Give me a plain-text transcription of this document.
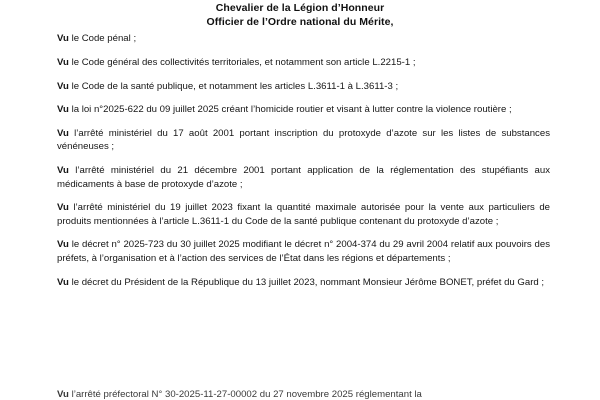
Chevalier de la Légion d’Honneur
Officier de l’Ordre national du Mérite,

Vu le Code pénal ;

Vu le Code général des collectivités territoriales, et notamment son article L.2215-1 ;

Vu le Code de la santé publique, et notamment les articles L.3611-1 à L.3611-3 ;

Vu la loi n°2025-622 du 09 juillet 2025 créant l’homicide routier et visant à lutter contre la violence routière ;

Vu l’arrêté ministériel du 17 août 2001 portant inscription du protoxyde d’azote sur les listes de substances vénéneuses ;

Vu l’arrêté ministériel du 21 décembre 2001 portant application de la réglementation des stupéfiants aux médicaments à base de protoxyde d’azote ;

Vu l’arrêté ministériel du 19 juillet 2023 fixant la quantité maximale autorisée pour la vente aux particuliers de produits mentionnées à l’article L.3611-1 du Code de la santé publique contenant du protoxyde d’azote ;

Vu le décret n° 2025-723 du 30 juillet 2025 modifiant le décret n° 2004-374 du 29 avril 2004 relatif aux pouvoirs des préfets, à l’organisation et à l’action des services de l’État dans les régions et départements ;

Vu le décret du Président de la République du 13 juillet 2023, nommant Monsieur Jérôme BONET, préfet du Gard ;

Vu l’arrêté préfectoral N° 30-2025-11-27-00002 du 27 novembre 2025 réglementant la
